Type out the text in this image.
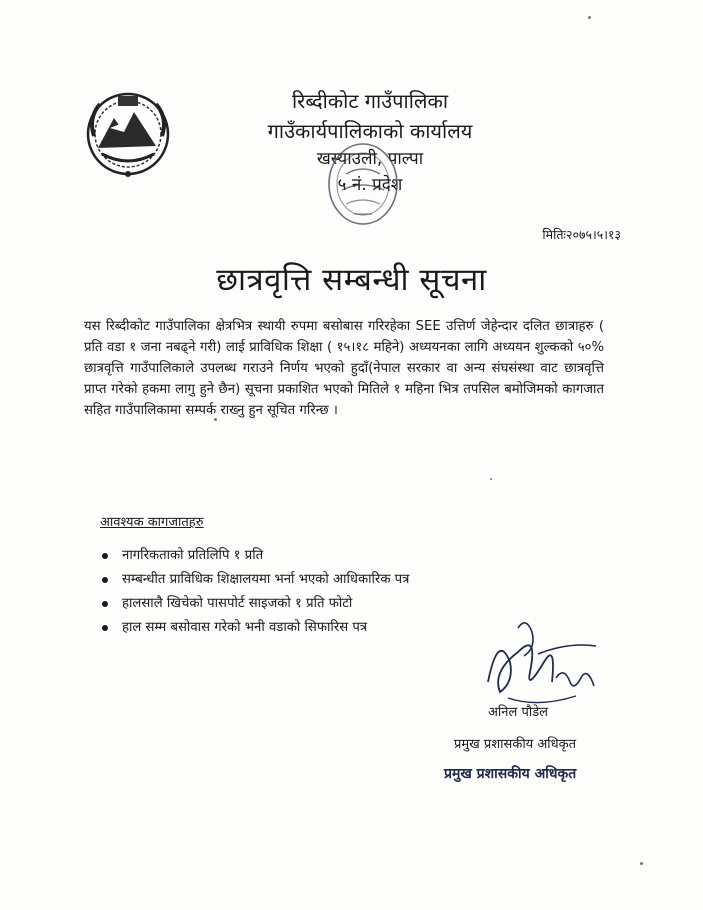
रिब्दीकोट गाउँपालिका
गाउँकार्यपालिकाको कार्यालय
खस्याउली, पाल्पा
५ नं. प्रदेश
मितिः२०७५।५।१३
छात्रवृत्ति सम्बन्धी सूचना
यस रिब्दीकोट गाउँपालिका क्षेत्रभित्र स्थायी रुपमा बसोबास गरिरहेका SEE उत्तिर्ण जेहेन्दार दलित छात्राहरु ( प्रति वडा १ जना नबढ्ने गरी) लाई प्राविधिक शिक्षा ( १५।१८ महिने) अध्ययनका लागि अध्ययन शुल्कको ५०% छात्रवृत्ति गाउँपालिकाले उपलब्ध गराउने निर्णय भएको हुदाँ(नेपाल सरकार वा अन्य संघसंस्था वाट छात्रवृत्ति प्राप्त गरेको हकमा लागु हुने छैन) सूचना प्रकाशित भएको मितिले १ महिना भित्र तपसिल बमोजिमको कागजात सहित गाउँपालिकामा सम्पर्क राख्नु हुन सूचित गरिन्छ ।
आवश्यक कागजातहरु
नागरिकताको प्रतिलिपि १ प्रति
सम्बन्धीत प्राविधिक शिक्षालयमा भर्ना भएको आधिकारिक पत्र
हालसालै खिचेको पासपोर्ट साइजको १ प्रति फोटो
हाल सम्म बसोवास गरेको भनी वडाको सिफारिस पत्र
अनिल पौडेल
प्रमुख प्रशासकीय अधिकृत
प्रमुख प्रशासकीय अधिकृत
